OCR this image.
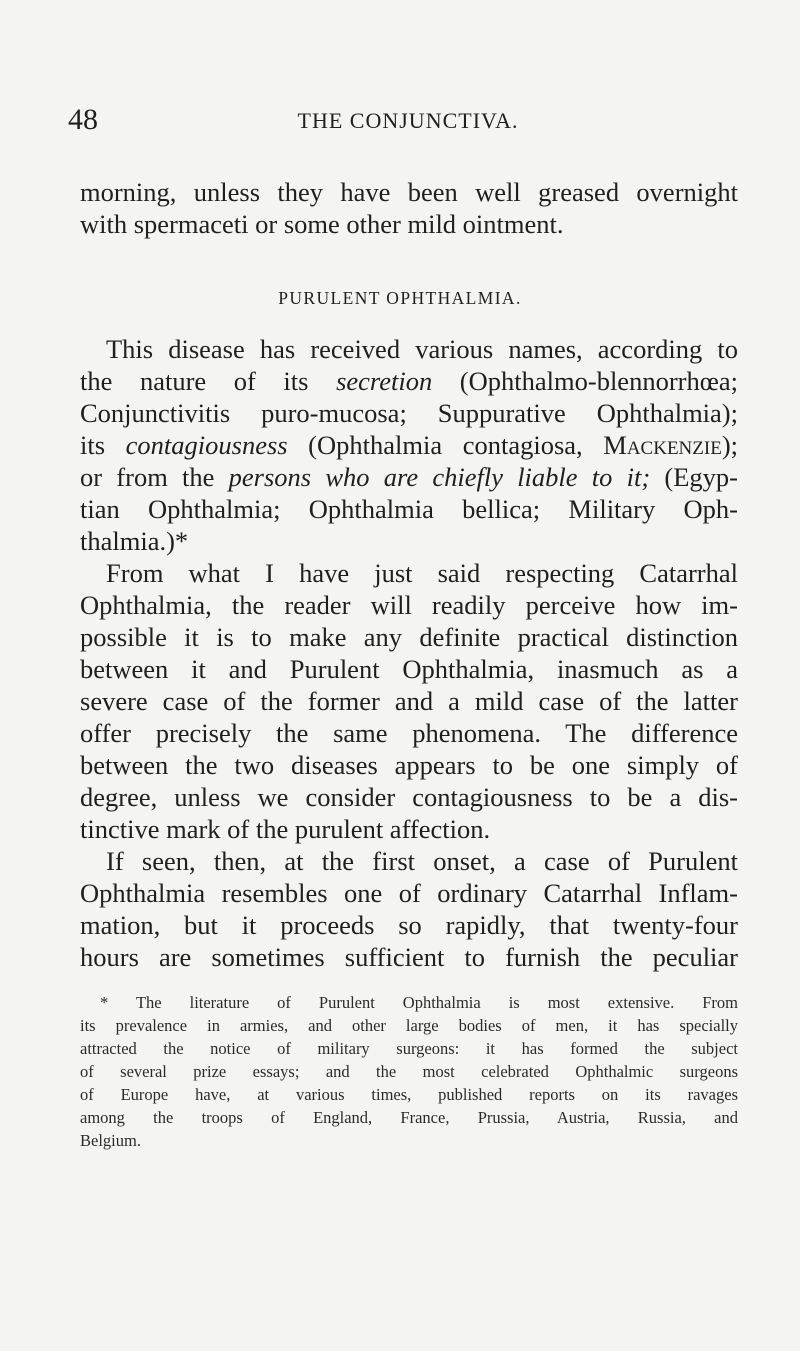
48	THE CONJUNCTIVA.
morning, unless they have been well greased overnight
with spermaceti or some other mild ointment.
PURULENT OPHTHALMIA.
This disease has received various names, according to
the nature of its secretion (Ophthalmo-blennorrhœa;
Conjunctivitis puro-mucosa; Suppurative Ophthalmia);
its contagiousness (Ophthalmia contagiosa, Mackenzie);
or from the persons who are chiefly liable to it; (Egyp-
tian Ophthalmia; Ophthalmia bellica; Military Oph-
thalmia.)*
From what I have just said respecting Catarrhal
Ophthalmia, the reader will readily perceive how im-
possible it is to make any definite practical distinction
between it and Purulent Ophthalmia, inasmuch as a
severe case of the former and a mild case of the latter
offer precisely the same phenomena. The difference
between the two diseases appears to be one simply of
degree, unless we consider contagiousness to be a dis-
tinctive mark of the purulent affection.
If seen, then, at the first onset, a case of Purulent
Ophthalmia resembles one of ordinary Catarrhal Inflam-
mation, but it proceeds so rapidly, that twenty-four
hours are sometimes sufficient to furnish the peculiar
* The literature of Purulent Ophthalmia is most extensive. From
its prevalence in armies, and other large bodies of men, it has specially
attracted the notice of military surgeons: it has formed the subject
of several prize essays; and the most celebrated Ophthalmic surgeons
of Europe have, at various times, published reports on its ravages
among the troops of England, France, Prussia, Austria, Russia, and
Belgium.
